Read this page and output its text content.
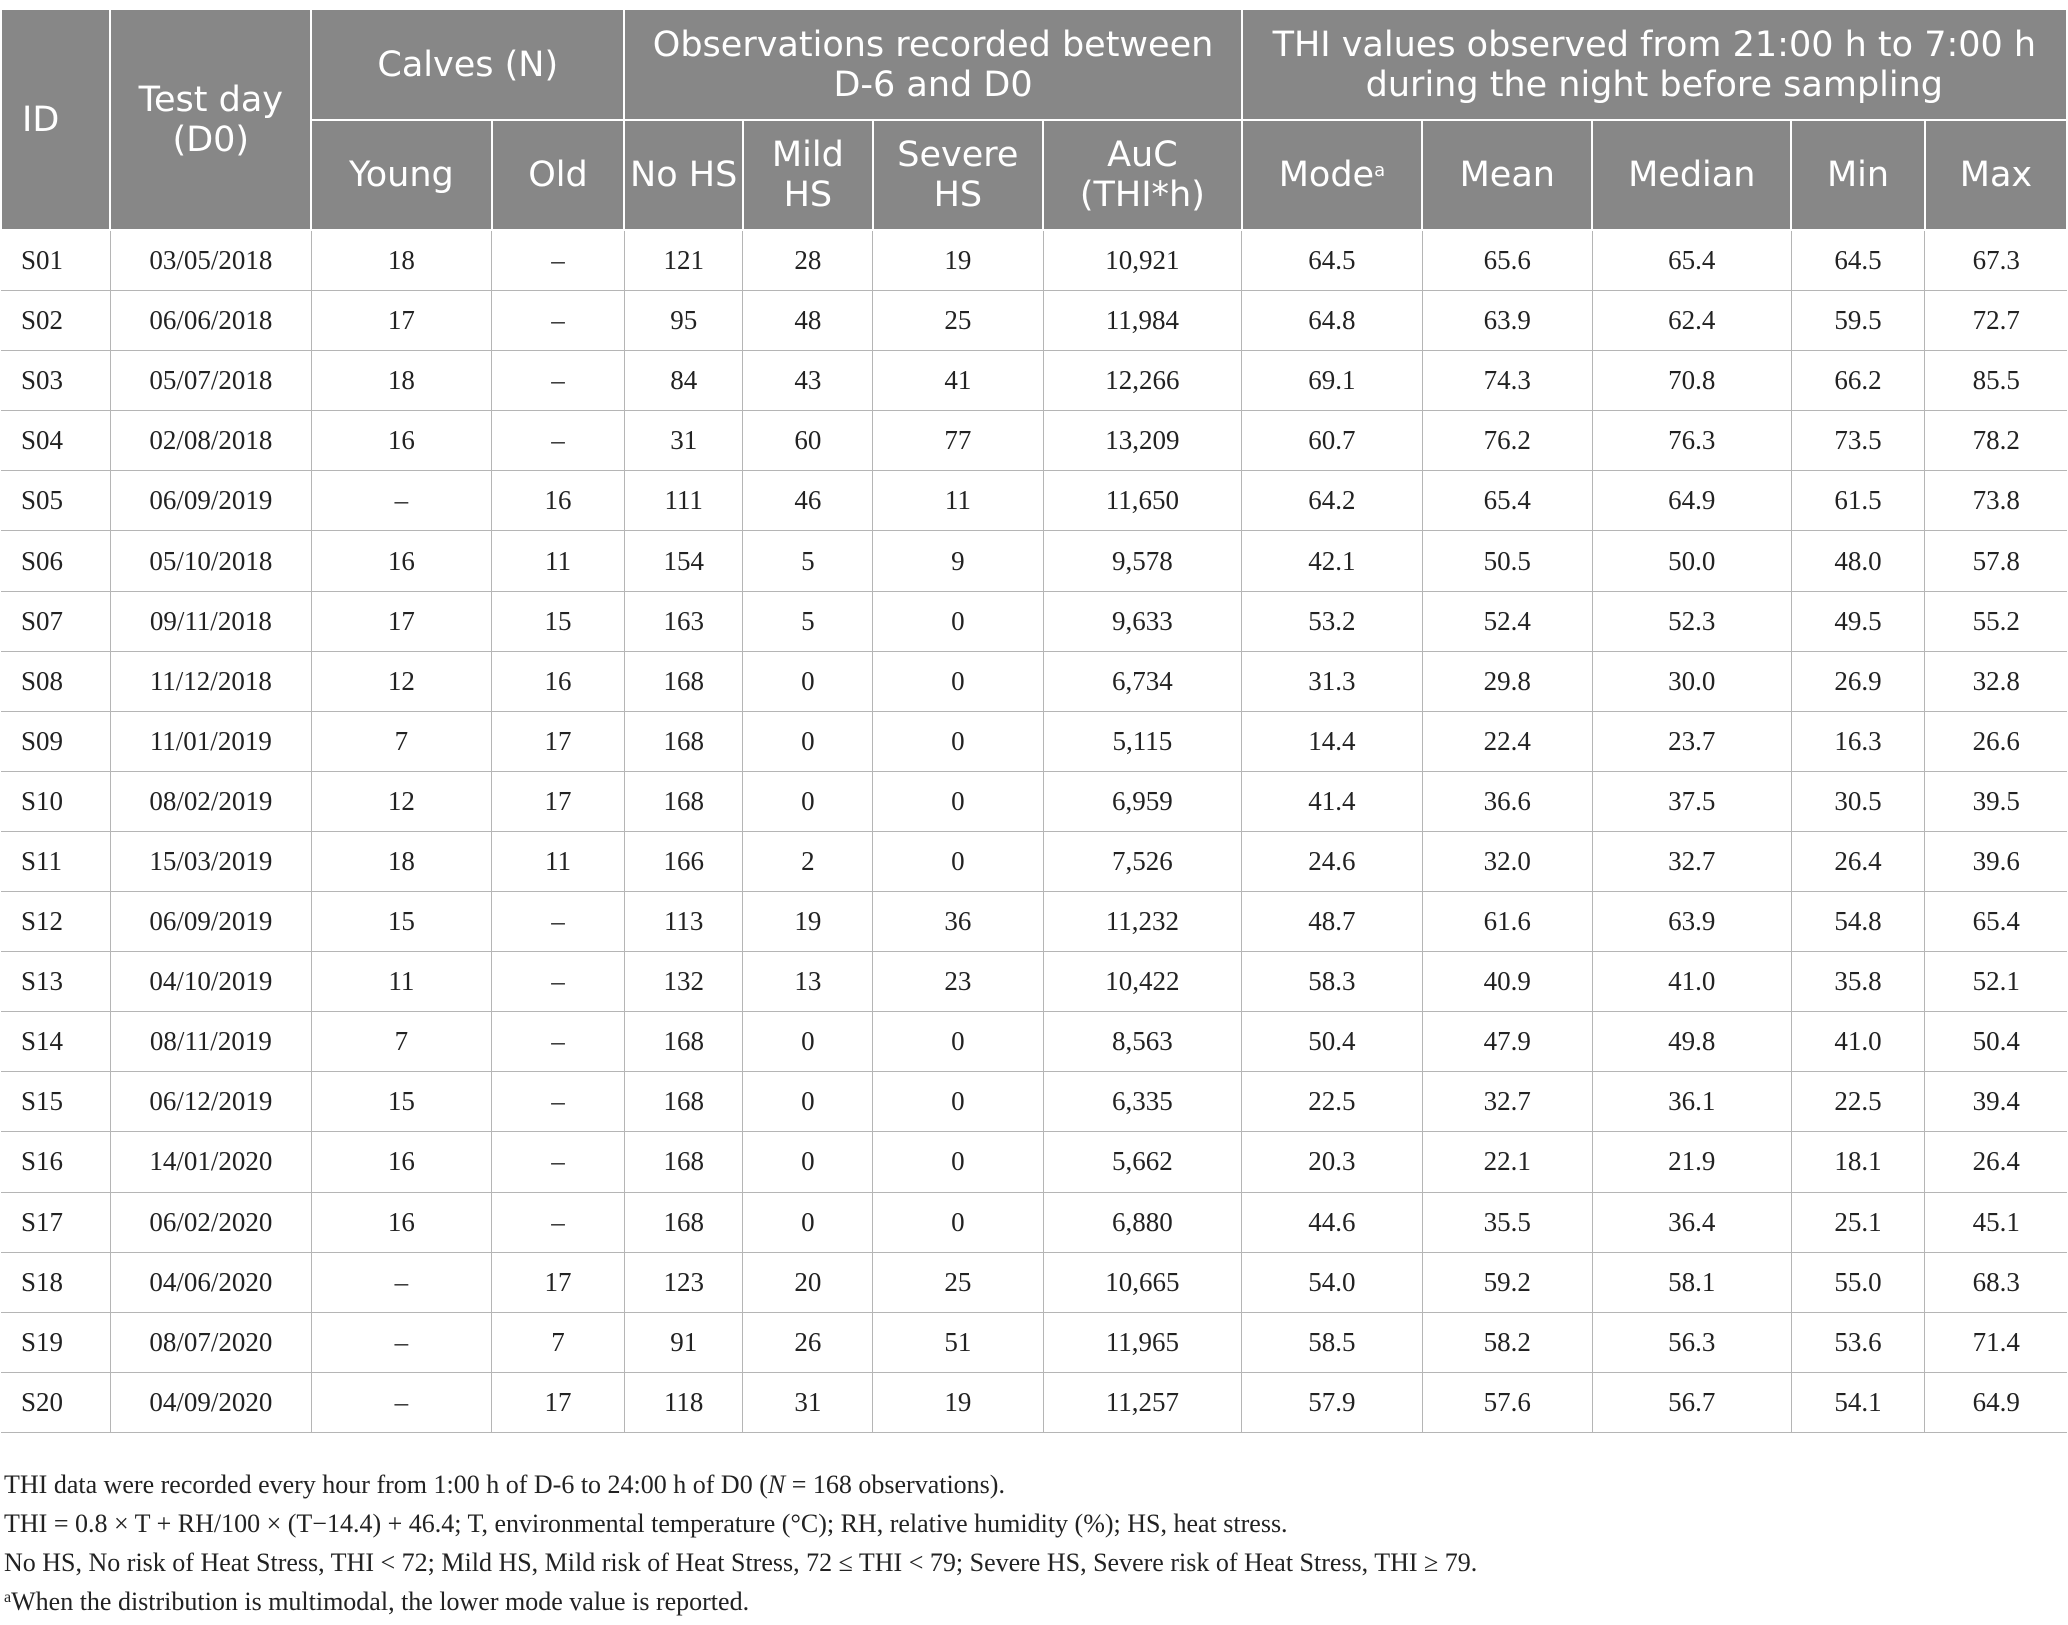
ID	Test day (D0)	Calves (N)		Observations recorded between D-6 and D0				THI values observed from 21:00 h to 7:00 h during the night before sampling				
		Young	Old	No HS	Mild HS	Severe HS	AuC (THI*h)	Mode$^a$	Mean	Median	Min	Max
S01	03/05/2018	18	–	121	28	19	10,921	64.5	65.6	65.4	64.5	67.3
S02	06/06/2018	17	–	95	48	25	11,984	64.8	63.9	62.4	59.5	72.7
S03	05/07/2018	18	–	84	43	41	12,266	69.1	74.3	70.8	66.2	85.5
S04	02/08/2018	16	–	31	60	77	13,209	60.7	76.2	76.3	73.5	78.2
S05	06/09/2019	–	16	111	46	11	11,650	64.2	65.4	64.9	61.5	73.8
S06	05/10/2018	16	11	154	5	9	9,578	42.1	50.5	50.0	48.0	57.8
S07	09/11/2018	17	15	163	5	0	9,633	53.2	52.4	52.3	49.5	55.2
S08	11/12/2018	12	16	168	0	0	6,734	31.3	29.8	30.0	26.9	32.8
S09	11/01/2019	7	17	168	0	0	5,115	14.4	22.4	23.7	16.3	26.6
S10	08/02/2019	12	17	168	0	0	6,959	41.4	36.6	37.5	30.5	39.5
S11	15/03/2019	18	11	166	2	0	7,526	24.6	32.0	32.7	26.4	39.6
S12	06/09/2019	15	–	113	19	36	11,232	48.7	61.6	63.9	54.8	65.4
S13	04/10/2019	11	–	132	13	23	10,422	58.3	40.9	41.0	35.8	52.1
S14	08/11/2019	7	–	168	0	0	8,563	50.4	47.9	49.8	41.0	50.4
S15	06/12/2019	15	–	168	0	0	6,335	22.5	32.7	36.1	22.5	39.4
S16	14/01/2020	16	–	168	0	0	5,662	20.3	22.1	21.9	18.1	26.4
S17	06/02/2020	16	–	168	0	0	6,880	44.6	35.5	36.4	25.1	45.1
S18	04/06/2020	–	17	123	20	25	10,665	54.0	59.2	58.1	55.0	68.3
S19	08/07/2020	–	7	91	26	51	11,965	58.5	58.2	56.3	53.6	71.4
S20	04/09/2020	–	17	118	31	19	11,257	57.9	57.6	56.7	54.1	64.9
THI data were recorded every hour from 1:00 h of D-6 to 24:00 h of D0 (N = 168 observations).
THI = 0.8 × T + RH/100 × (T−14.4) + 46.4; T, environmental temperature (°C); RH, relative humidity (%); HS, heat stress.
No HS, No risk of Heat Stress, THI < 72; Mild HS, Mild risk of Heat Stress, 72 ≤ THI < 79; Severe HS, Severe risk of Heat Stress, THI ≥ 79.
$^a$When the distribution is multimodal, the lower mode value is reported.
